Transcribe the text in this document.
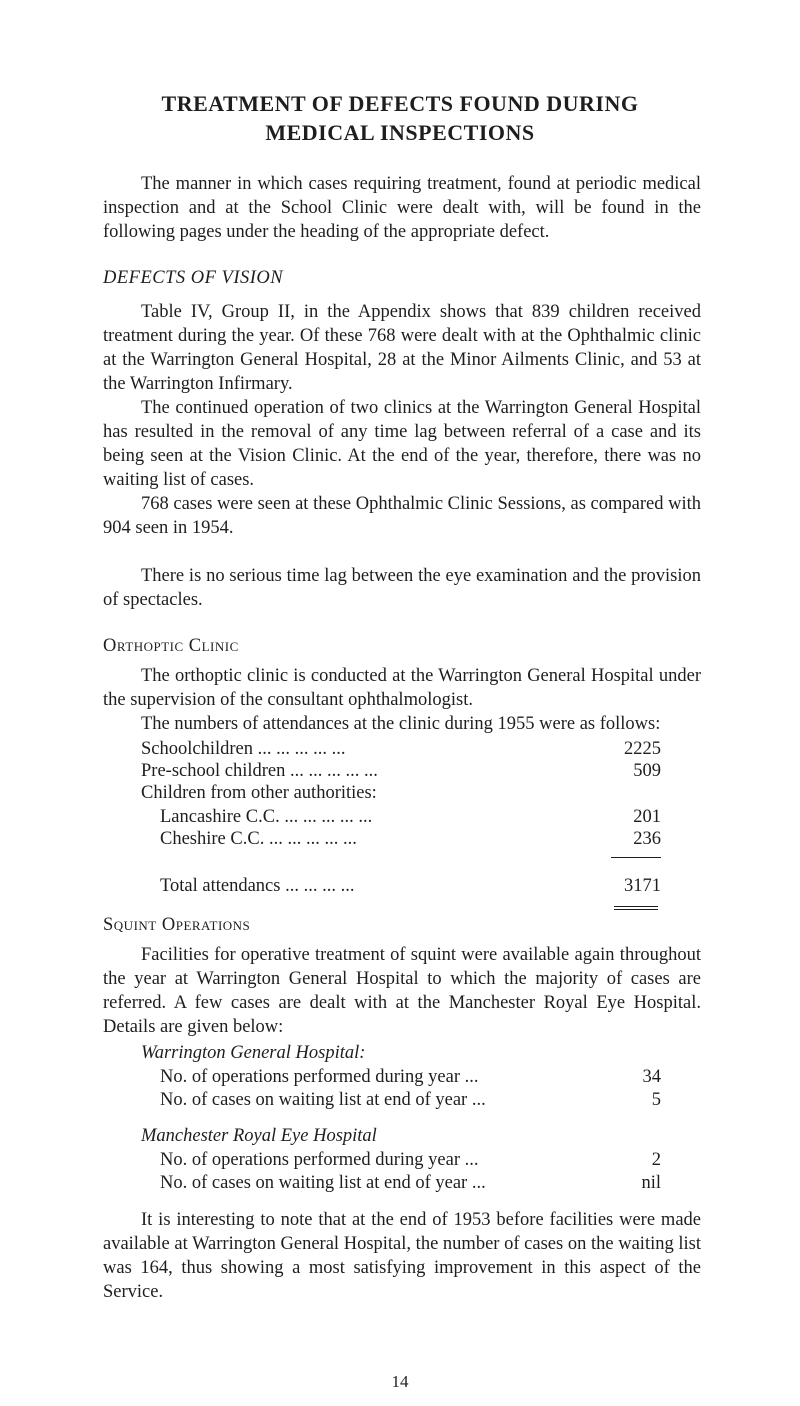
TREATMENT OF DEFECTS FOUND DURING
MEDICAL INSPECTIONS
The manner in which cases requiring treatment, found at periodic medical inspection and at the School Clinic were dealt with, will be found in the following pages under the heading of the appropriate defect.
DEFECTS OF VISION
Table IV, Group II, in the Appendix shows that 839 children received treatment during the year. Of these 768 were dealt with at the Ophthalmic clinic at the Warrington General Hospital, 28 at the Minor Ailments Clinic, and 53 at the Warrington Infirmary.
The continued operation of two clinics at the Warrington General Hospital has resulted in the removal of any time lag between referral of a case and its being seen at the Vision Clinic. At the end of the year, therefore, there was no waiting list of cases.
768 cases were seen at these Ophthalmic Clinic Sessions, as compared with 904 seen in 1954.
There is no serious time lag between the eye examination and the provision of spectacles.
Orthoptic Clinic
The orthoptic clinic is conducted at the Warrington General Hospital under the supervision of the consultant ophthalmologist.
The numbers of attendances at the clinic during 1955 were as follows:
Schoolchildren ... ... ... ... ...	2225
Pre-school children ... ... ... ... ...	509
Children from other authorities:
Lancashire C.C. ... ... ... ... ...	201
Cheshire C.C. ... ... ... ... ...	236
Total attendancs ... ... ... ...	3171
Squint Operations
Facilities for operative treatment of squint were available again throughout the year at Warrington General Hospital to which the majority of cases are referred. A few cases are dealt with at the Manchester Royal Eye Hospital. Details are given below:
Warrington General Hospital:
No. of operations performed during year ...	34
No. of cases on waiting list at end of year ...	5
Manchester Royal Eye Hospital
No. of operations performed during year ...	2
No. of cases on waiting list at end of year ...	nil
It is interesting to note that at the end of 1953 before facilities were made available at Warrington General Hospital, the number of cases on the waiting list was 164, thus showing a most satisfying improvement in this aspect of the Service.
14
